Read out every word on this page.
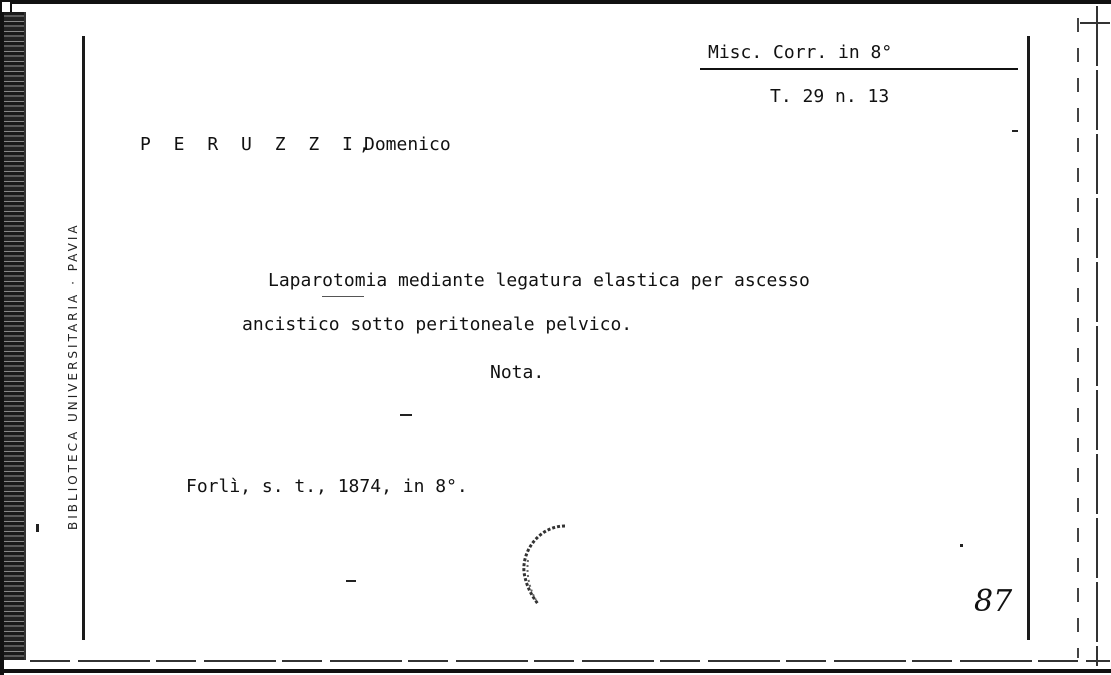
BIBLIOTECA UNIVERSITARIA · PAVIA
Misc. Corr. in 8°
T. 29 n. 13
P E R U Z Z I,
Domenico
Laparotomia mediante legatura elastica per ascesso
ancistico sotto peritoneale pelvico.
Nota.
Forlì, s. t., 1874, in 8°.
87
